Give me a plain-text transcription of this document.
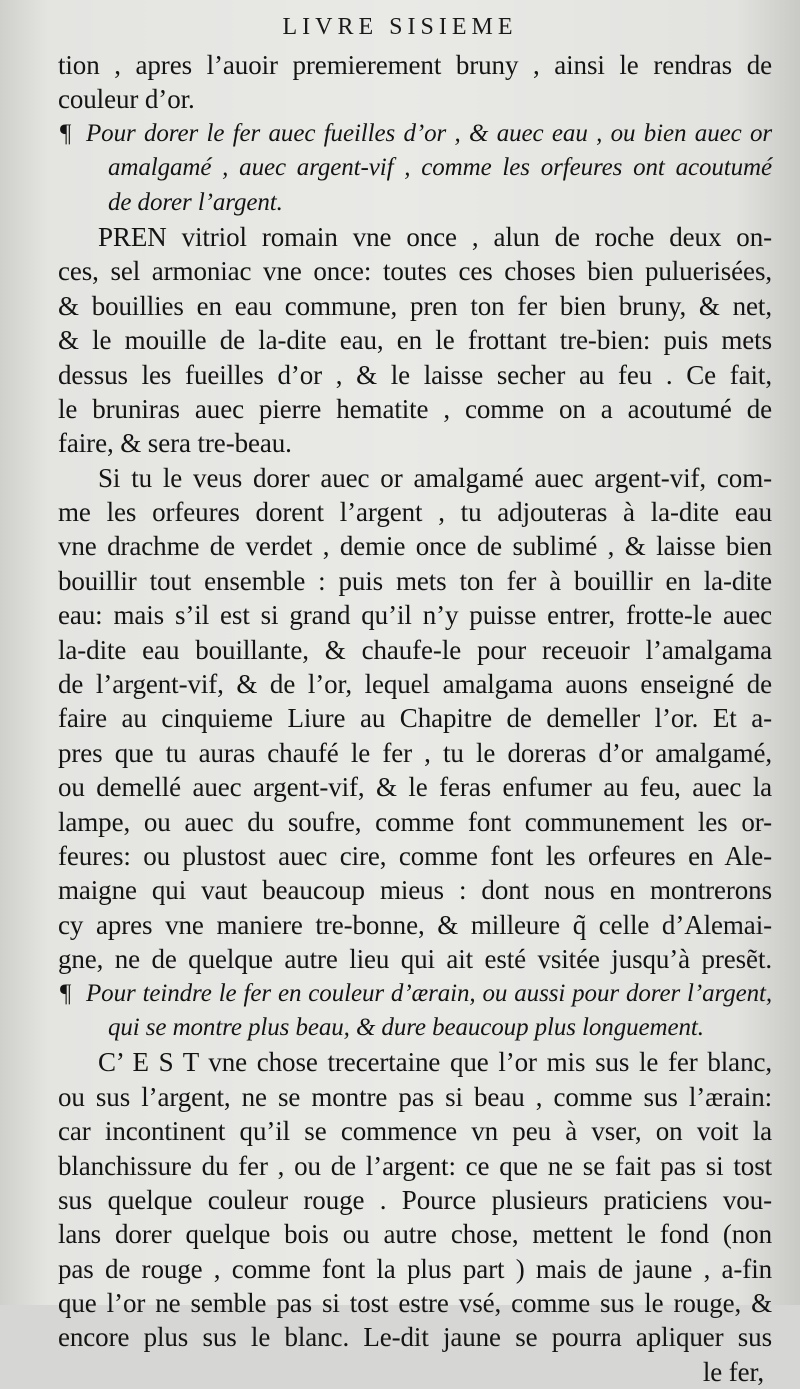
LIVRE SISIEME
tion , apres l’auoir premierement bruny , ainsi le rendras de
couleur d’or.
¶ Pour dorer le fer auec fueilles d’or , & auec eau , ou bien auec or
amalgamé , auec argent-vif , comme les orfeures ont acoutumé
de dorer l’argent.
PREN vitriol romain vne once , alun de roche deux on-
ces, sel armoniac vne once: toutes ces choses bien puluerisées,
& bouillies en eau commune, pren ton fer bien bruny, & net,
& le mouille de la-dite eau, en le frottant tre-bien: puis mets
dessus les fueilles d’or , & le laisse secher au feu . Ce fait,
le bruniras auec pierre hematite , comme on a acoutumé de
faire, & sera tre-beau.
Si tu le veus dorer auec or amalgamé auec argent-vif, com-
me les orfeures dorent l’argent , tu adjouteras à la-dite eau
vne drachme de verdet , demie once de sublimé , & laisse bien
bouillir tout ensemble : puis mets ton fer à bouillir en la-dite
eau: mais s’il est si grand qu’il n’y puisse entrer, frotte-le auec
la-dite eau bouillante, & chaufe-le pour receuoir l’amalgama
de l’argent-vif, & de l’or, lequel amalgama auons enseigné de
faire au cinquieme Liure au Chapitre de demeller l’or. Et a-
pres que tu auras chaufé le fer , tu le doreras d’or amalgamé,
ou demellé auec argent-vif, & le feras enfumer au feu, auec la
lampe, ou auec du soufre, comme font communement les or-
feures: ou plustost auec cire, comme font les orfeures en Ale-
maigne qui vaut beaucoup mieus : dont nous en montrerons
cy apres vne maniere tre-bonne, & milleure q̃ celle d’Alemai-
gne, ne de quelque autre lieu qui ait esté vsitée jusqu’à presẽt.
¶ Pour teindre le fer en couleur d’ærain, ou aussi pour dorer l’argent,
qui se montre plus beau, & dure beaucoup plus longuement.
C’ E S T vne chose trecertaine que l’or mis sus le fer blanc,
ou sus l’argent, ne se montre pas si beau , comme sus l’ærain:
car incontinent qu’il se commence vn peu à vser, on voit la
blanchissure du fer , ou de l’argent: ce que ne se fait pas si tost
sus quelque couleur rouge . Pource plusieurs praticiens vou-
lans dorer quelque bois ou autre chose, mettent le fond (non
pas de rouge , comme font la plus part ) mais de jaune , a-fin
que l’or ne semble pas si tost estre vsé, comme sus le rouge, &
encore plus sus le blanc. Le-dit jaune se pourra apliquer sus
le fer,
